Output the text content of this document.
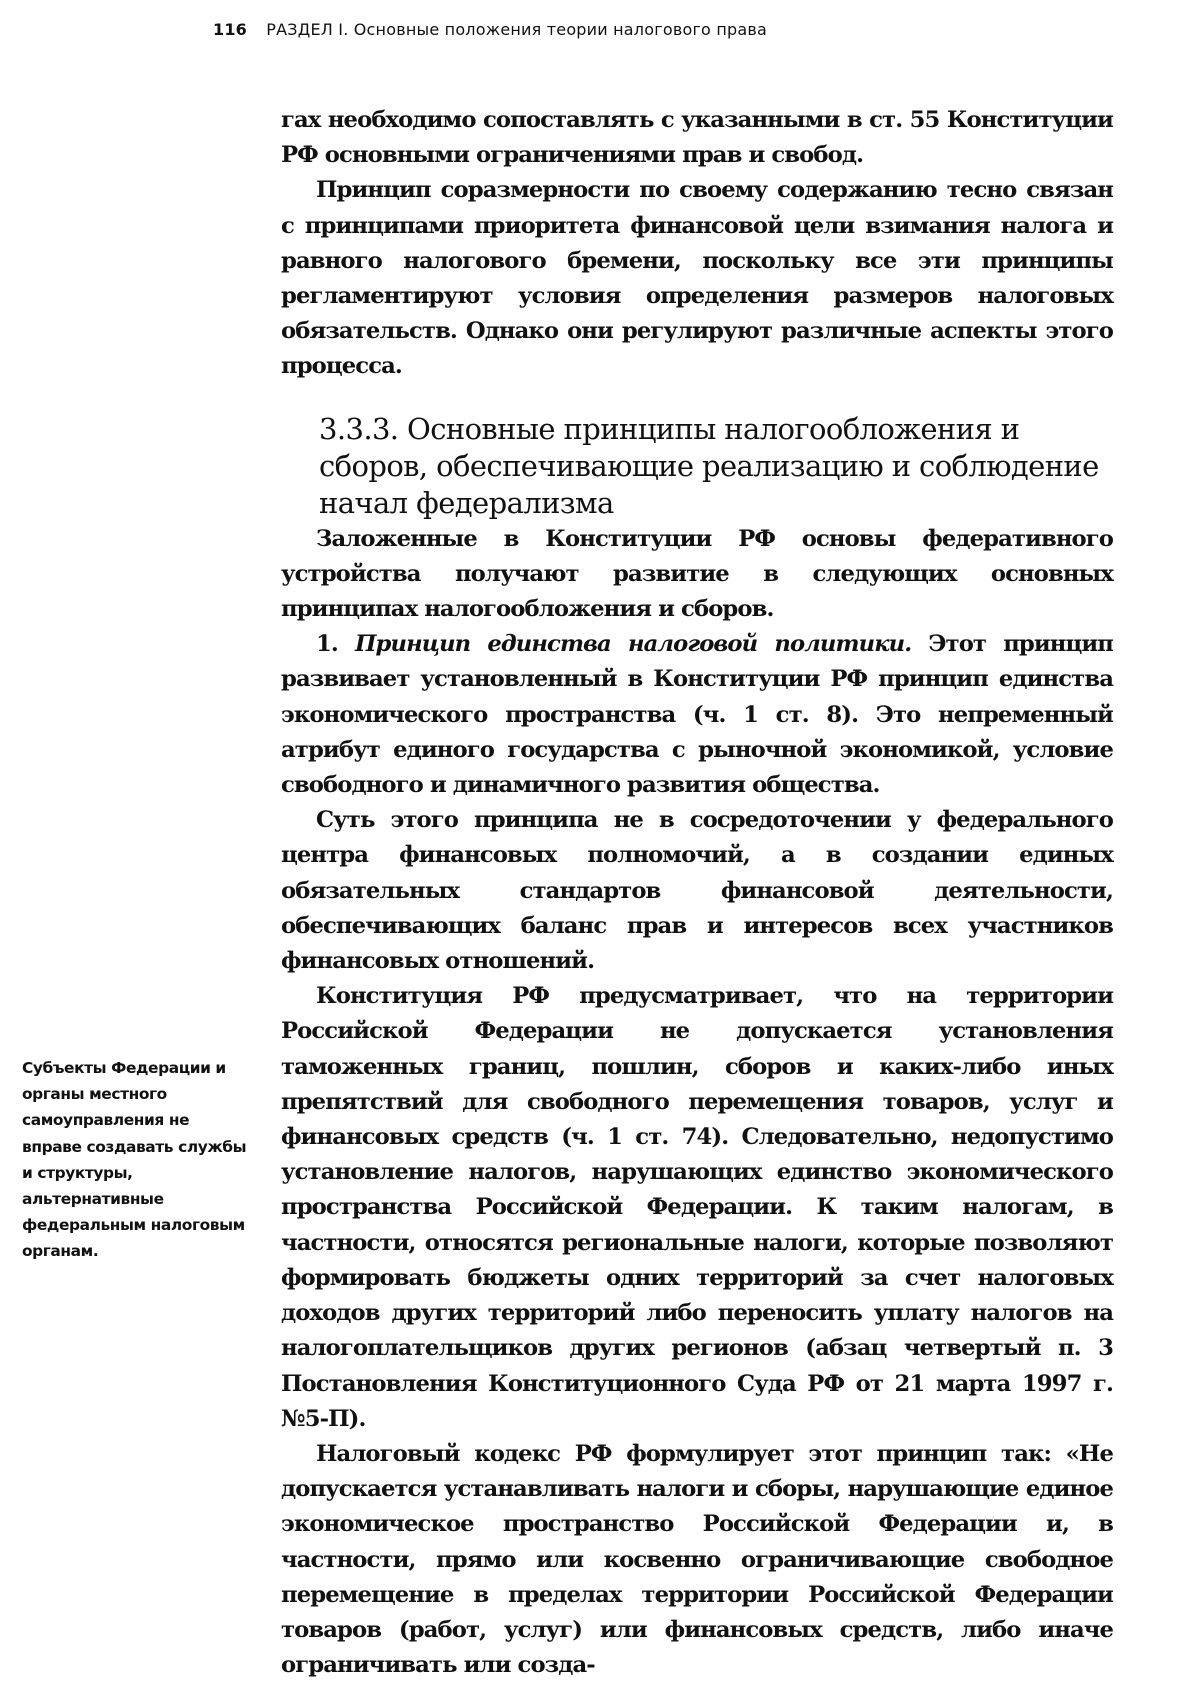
116 РАЗДЕЛ I. Основные положения теории налогового права

гах необходимо сопоставлять с указанными в ст. 55 Конституции РФ основными ограничениями прав и свобод.

Принцип соразмерности по своему содержанию тесно связан с принципами приоритета финансовой цели взимания налога и равного налогового бремени, поскольку все эти принципы регламентируют условия определения размеров налоговых обязательств. Однако они регулируют различные аспекты этого процесса.

3.3.3. Основные принципы налогообложения и сборов, обеспечивающие реализацию и соблюдение начал федерализма

Заложенные в Конституции РФ основы федеративного устройства получают развитие в следующих основных принципах налогообложения и сборов.

1. Принцип единства налоговой политики. Этот принцип развивает установленный в Конституции РФ принцип единства экономического пространства (ч. 1 ст. 8). Это непременный атрибут единого государства с рыночной экономикой, условие свободного и динамичного развития общества.

Суть этого принципа не в сосредоточении у федерального центра финансовых полномочий, а в создании единых обязательных стандартов финансовой деятельности, обеспечивающих баланс прав и интересов всех участников финансовых отношений.

Конституция РФ предусматривает, что на территории Российской Федерации не допускается установления таможенных границ, пошлин, сборов и каких-либо иных препятствий для свободного перемещения товаров, услуг и финансовых средств (ч. 1 ст. 74). Следовательно, недопустимо установление налогов, нарушающих единство экономического пространства Российской Федерации. К таким налогам, в частности, относятся региональные налоги, которые позволяют формировать бюджеты одних территорий за счет налоговых доходов других территорий либо переносить уплату налогов на налогоплательщиков других регионов (абзац четвертый п. 3 Постановления Конституционного Суда РФ от 21 марта 1997 г. №5-П).

Налоговый кодекс РФ формулирует этот принцип так: «Не допускается устанавливать налоги и сборы, нарушающие единое экономическое пространство Российской Федерации и, в частности, прямо или косвенно ограничивающие свободное перемещение в пределах территории Российской Федерации товаров (работ, услуг) или финансовых средств, либо иначе ограничивать или созда-

Субъекты Федерации и органы местного самоуправления не вправе создавать службы и структуры, альтернативные федеральным налоговым органам.
